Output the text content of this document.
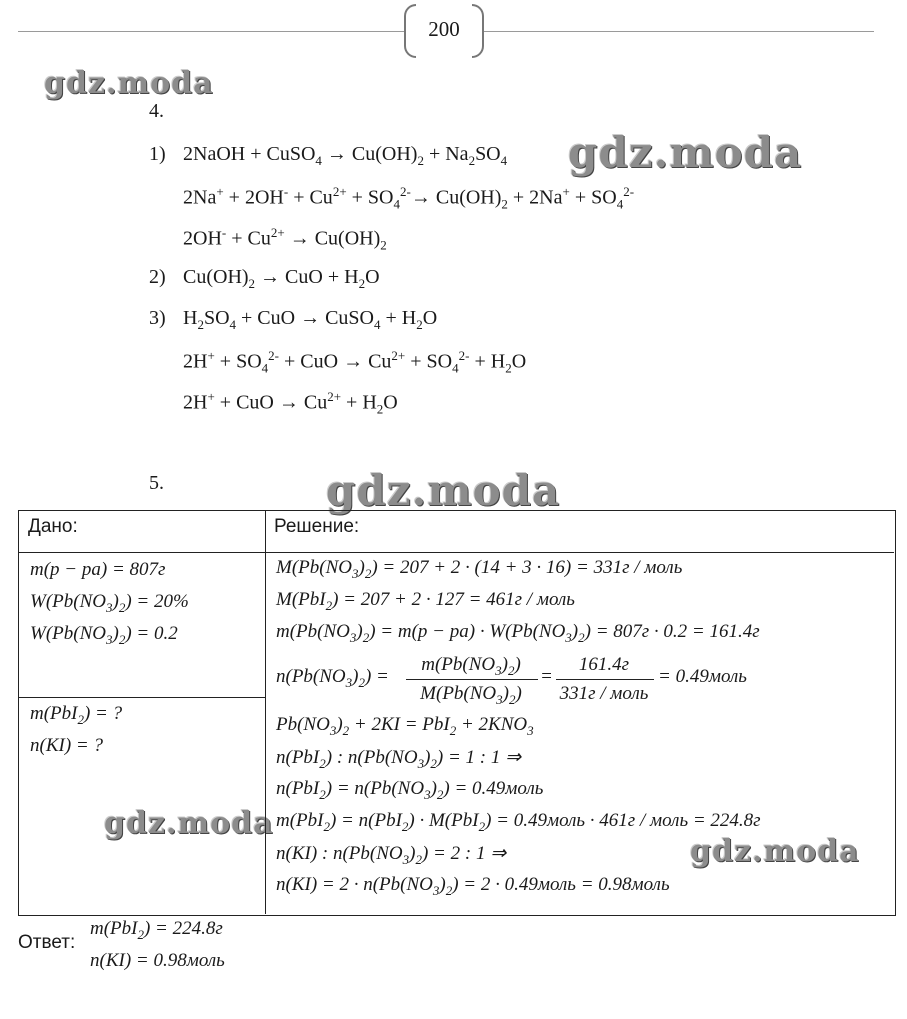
200
gdz.moda
gdz.moda
gdz.moda
gdz.moda
gdz.moda
4.
1) 2NaOH + CuSO$_4$ → $Cu(OH)_2 + Na_2SO_4$
$2Na^+ + 2OH^- + Cu^{2+} + SO_4^{2-}\to Cu(OH)_2 + 2Na^+ + SO_4^{2-}$
$2OH^- + Cu^{2+} \to Cu(OH)_2$
2) $Cu(OH)_2$ → CuO + $H_2O$
3) $H_2SO_4$ + CuO → CuSO$_4$ + $H_2O$
$2H^+ + SO_4^{2-}$ + CuO → $Cu^{2+} + SO_4^{2-} + H_2O$
2H+ + CuO → $Cu^{2+} + H_2O$
5.
Дано:	Решение:
m(р − ра) = 807г
$W(Pb(NO_3)_2) = 20\%$
$W(Pb(NO_3)_2) = 0.2$
m(PbI$_2$) = ?
n(KI) = ?
$M(Pb(NO_3)_2) = 207 + 2 \cdot (14 + 3 \cdot 16) = 331г$ / моль
M(PbI$_2$) = 207 + 2 · 127 = 461г / моль
$m(Pb(NO_3)_2) = m(р - ра) \cdot W(Pb(NO_3)_2) = 807г \cdot 0.2 = 161.4г$
$Pb(NO_3)_2 + 2KI = PbI_2 + 2KNO_3$
n(PbI$_2$) : $n(Pb(NO_3)_2) = 1$ : 1 ⇒
$n(PbI_2) = n(Pb(NO_3)_2)$ = 0.49моль
m(PbI$_2$) = n(PbI$_2$) · M(PbI$_2$) = 0.49моль · 461г / моль = 224.8г
n(KI) : $n(Pb(NO_3)_2) = 2$ : 1 ⇒
$n(KI) = 2 \cdot n(Pb(NO_3)_2) = 2$ · 0.49моль = 0.98моль
$n(Pb(NO_3)_2)$ =
$m(Pb(NO_3)_2)$
$M(Pb(NO_3)_2)$
=
161.4г
331г / моль
= 0.49моль
Ответ:
m(PbI$_2$) = 224.8г
n(KI) = 0.98моль
